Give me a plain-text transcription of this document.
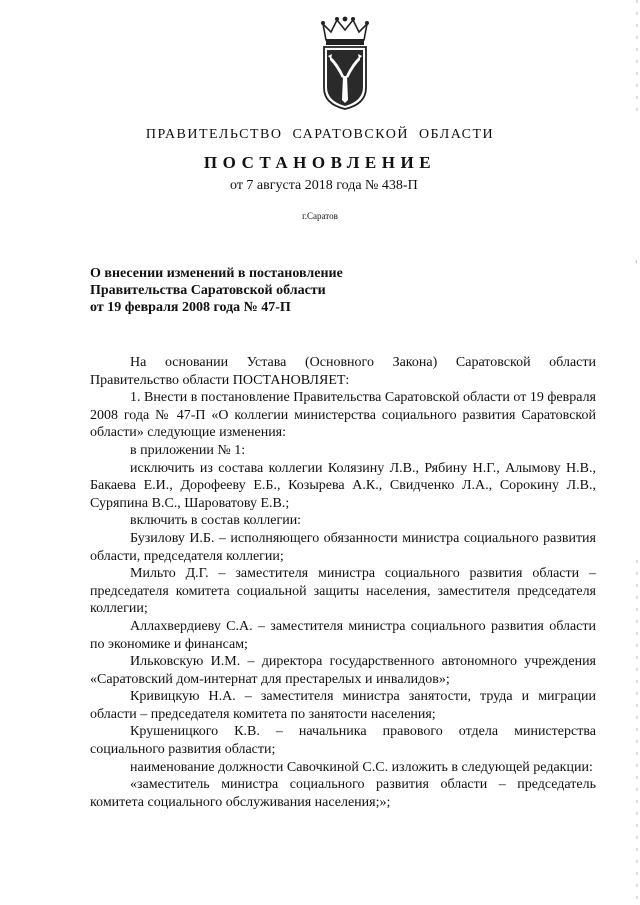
ПРАВИТЕЛЬСТВО САРАТОВСКОЙ ОБЛАСТИ
ПОСТАНОВЛЕНИЕ
от 7 августа 2018 года № 438-П
г.Саратов
О внесении изменений в постановление
Правительства Саратовской области
от 19 февраля 2008 года № 47-П

На основании Устава (Основного Закона) Саратовской области Правительство области ПОСТАНОВЛЯЕТ:

1. Внести в постановление Правительства Саратовской области от 19 февраля 2008 года № 47-П «О коллегии министерства социального развития Саратовской области» следующие изменения:

в приложении № 1:

исключить из состава коллегии Колязину Л.В., Рябину Н.Г., Алымову Н.В., Бакаева Е.И., Дорофееву Е.Б., Козырева А.К., Свидченко Л.А., Сорокину Л.В., Суряпина В.С., Шароватову Е.В.;

включить в состав коллегии:

Бузилову И.Б. – исполняющего обязанности министра социального развития области, председателя коллегии;

Мильто Д.Г. – заместителя министра социального развития области – председателя комитета социальной защиты населения, заместителя председателя коллегии;

Аллахвердиеву С.А. – заместителя министра социального развития области по экономике и финансам;

Ильковскую И.М. – директора государственного автономного учреждения «Саратовский дом-интернат для престарелых и инвалидов»;

Кривицкую Н.А. – заместителя министра занятости, труда и миграции области – председателя комитета по занятости населения;

Крушеницкого К.В. – начальника правового отдела министерства социального развития области;

наименование должности Савочкиной С.С. изложить в следующей редакции:

«заместитель министра социального развития области – председатель комитета социального обслуживания населения;»;
